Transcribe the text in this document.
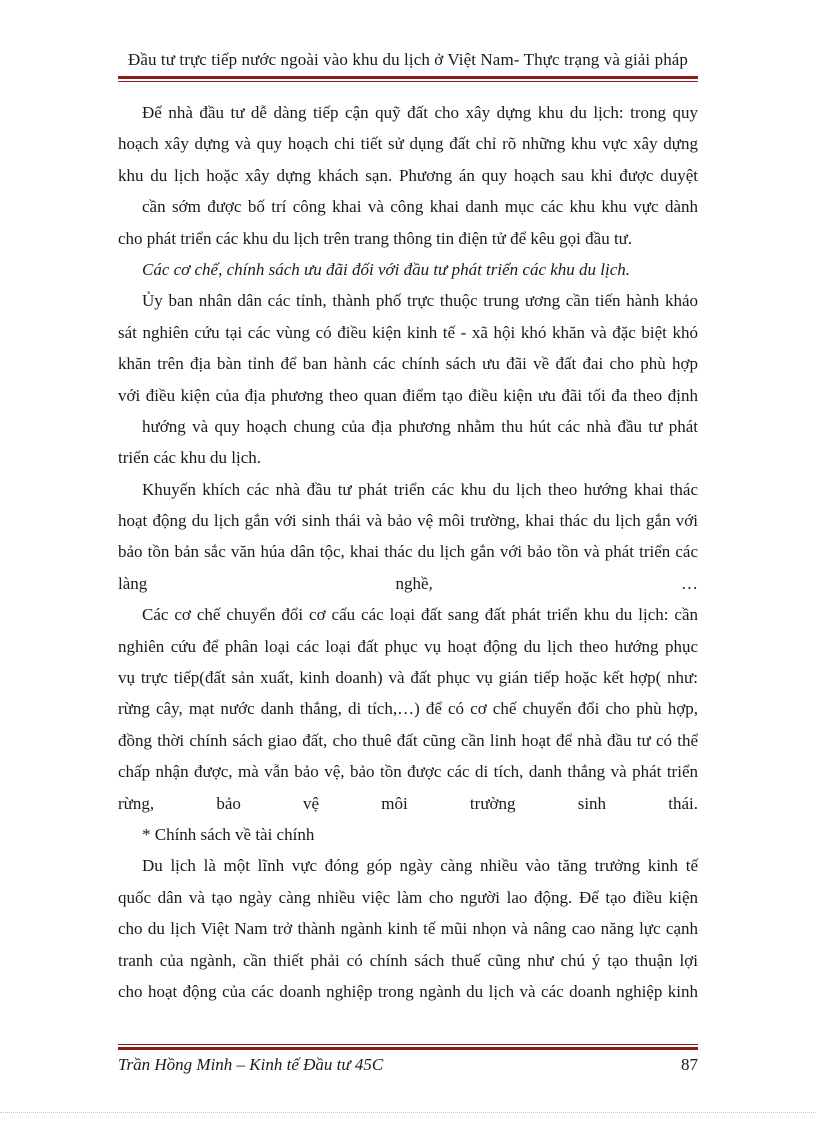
Đầu tư trực tiếp nước ngoài vào khu du lịch ở Việt Nam- Thực trạng và giải pháp
Để nhà đầu tư dễ dàng tiếp cận quỹ đất cho xây dựng khu du lịch: trong quy
hoạch xây dựng và quy hoạch chi tiết sử dụng đất chỉ rõ những khu vực xây dựng
khu du lịch hoặc xây dựng khách sạn. Phương án quy hoạch sau khi được duyệt
cần sớm được bố trí công khai và công khai danh mục các khu khu vực dành
cho phát triển các khu du lịch trên trang thông tin điện tử để kêu gọi đầu tư.
Các cơ chế, chính sách ưu đãi đối với đầu tư phát triển các khu du lịch.
Ủy ban nhân dân các tỉnh, thành phố trực thuộc trung ương cần tiến hành khảo
sát nghiên cứu tại các vùng có điều kiện kinh tế - xã hội khó khăn và đặc biệt khó
khăn trên địa bàn tỉnh để ban hành các chính sách ưu đãi về đất đai cho phù hợp
với điều kiện của địa phương theo quan điểm tạo điều kiện ưu đãi tối đa theo định
hướng và quy hoạch chung của địa phương nhằm thu hút các nhà đầu tư phát
triển các khu du lịch.
Khuyến khích các nhà đầu tư phát triển các khu du lịch theo hướng khai thác
hoạt động du lịch gắn với sinh thái và bảo vệ môi trường, khai thác du lịch gắn với
bảo tồn bản sắc văn húa dân tộc, khai thác du lịch gắn với bảo tồn và phát triển các
làng nghề, …
Các cơ chế chuyển đổi cơ cấu các loại đất sang đất phát triển khu du lịch: cần
nghiên cứu để phân loại các loại đất phục vụ hoạt động du lịch theo hướng phục
vụ trực tiếp(đất sản xuất, kinh doanh) và đất phục vụ gián tiếp hoặc kết hợp( như:
rừng cây, mạt nước danh thắng, di tích,…) để có cơ chế chuyển đổi cho phù hợp,
đồng thời chính sách giao đất, cho thuê đất cũng cần linh hoạt để nhà đầu tư có thể
chấp nhận được, mà vẫn bảo vệ, bảo tồn được các di tích, danh thắng và phát triển
rừng, bảo vệ môi trường sinh thái.
* Chính sách về tài chính
Du lịch là một lĩnh vực đóng góp ngày càng nhiều vào tăng trưởng kinh tế
quốc dân và tạo ngày càng nhiều việc làm cho người lao động. Để tạo điều kiện
cho du lịch Việt Nam trở thành ngành kinh tế mũi nhọn và nâng cao năng lực cạnh
tranh của ngành, cần thiết phải có chính sách thuế cũng như chú ý tạo thuận lợi
cho hoạt động của các doanh nghiệp trong ngành du lịch và các doanh nghiệp kinh
Trần Hồng Minh – Kinh tế Đầu tư 45C	87
